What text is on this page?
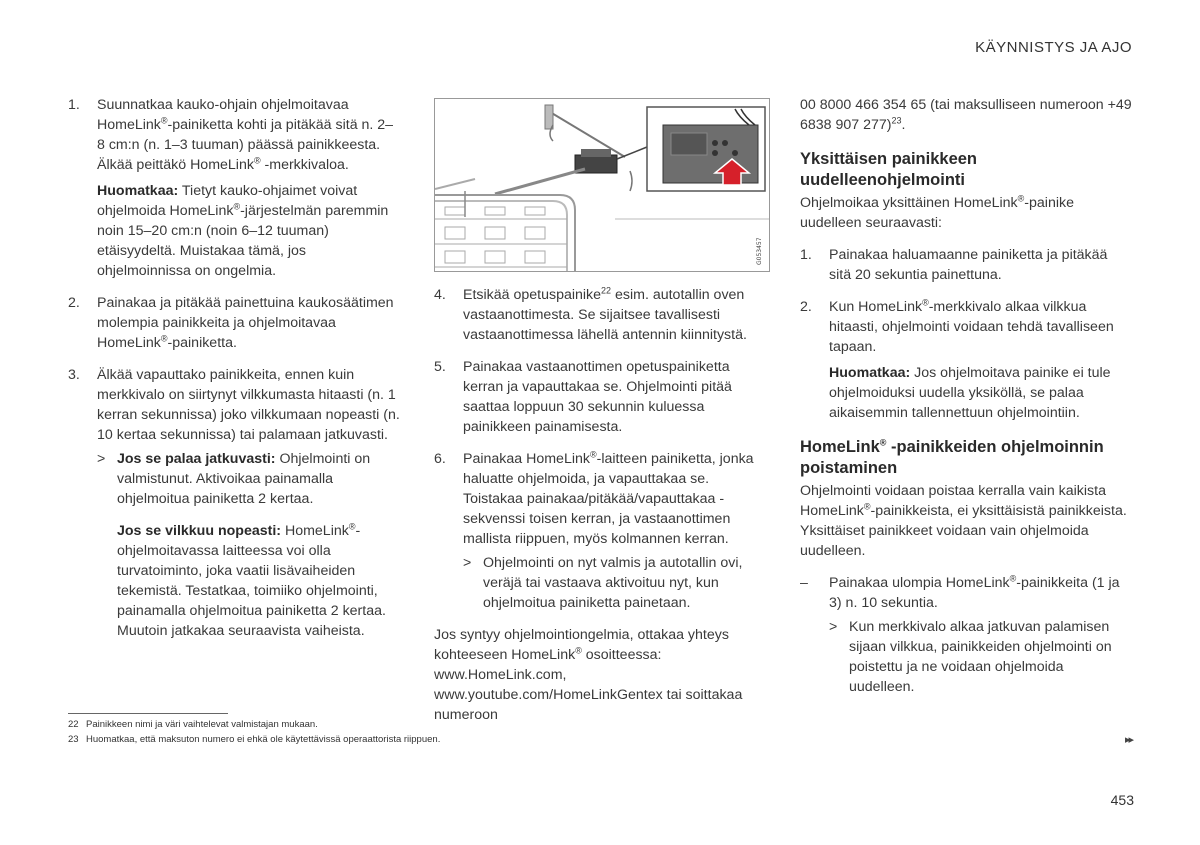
KÄYNNISTYS JA AJO
1.	Suunnatkaa kauko-ohjain ohjelmoitavaa HomeLink®-painiketta kohti ja pitäkää sitä n. 2–8 cm:n (n. 1–3 tuuman) päässä painikkeesta. Älkää peittäkö HomeLink® -merkkivaloa.
Huomatkaa: Tietyt kauko-ohjaimet voivat ohjelmoida HomeLink®-järjestelmän paremmin noin 15–20 cm:n (noin 6–12 tuuman) etäisyydeltä. Muistakaa tämä, jos ohjelmoinnissa on ongelmia.
2.	Painakaa ja pitäkää painettuina kaukosäätimen molempia painikkeita ja ohjelmoitavaa HomeLink®-painiketta.
3.	Älkää vapauttako painikkeita, ennen kuin merkkivalo on siirtynyt vilkkumasta hitaasti (n. 1 kerran sekunnissa) joko vilkkumaan nopeasti (n. 10 kertaa sekunnissa) tai palamaan jatkuvasti.
> Jos se palaa jatkuvasti: Ohjelmointi on valmistunut. Aktivoikaa painamalla ohjelmoitua painiketta 2 kertaa.
Jos se vilkkuu nopeasti: HomeLink®-ohjelmoitavassa laitteessa voi olla turvatoiminto, joka vaatii lisävaiheiden tekemistä. Testatkaa, toimiiko ohjelmointi, painamalla ohjelmoitua painiketta 2 kertaa. Muutoin jatkakaa seuraavista vaiheista.
G053457
4.	Etsikää opetuspainike$^{22}$ esim. autotallin oven vastaanottimesta. Se sijaitsee tavallisesti vastaanottimessa lähellä antennin kiinnitystä.
5.	Painakaa vastaanottimen opetuspainiketta kerran ja vapauttakaa se. Ohjelmointi pitää saattaa loppuun 30 sekunnin kuluessa painikkeen painamisesta.
6.	Painakaa HomeLink®-laitteen painiketta, jonka haluatte ohjelmoida, ja vapauttakaa se. Toistakaa painakaa/pitäkää/vapauttakaa -sekvenssi toisen kerran, ja vastaanottimen mallista riippuen, myös kolmannen kerran.
> Ohjelmointi on nyt valmis ja autotallin ovi, veräjä tai vastaava aktivoituu nyt, kun ohjelmoitua painiketta painetaan.
Jos syntyy ohjelmointiongelmia, ottakaa yhteys kohteeseen HomeLink® osoitteessa: www.HomeLink.com, www.youtube.com/HomeLinkGentex tai soittakaa numeroon
00 8000 466 354 65 (tai maksulliseen numeroon +49 6838 907 277)$^{23}$.
Yksittäisen painikkeen uudelleenohjelmointi
Ohjelmoikaa yksittäinen HomeLink®-painike uudelleen seuraavasti:
1.	Painakaa haluamaanne painiketta ja pitäkää sitä 20 sekuntia painettuna.
2.	Kun HomeLink®-merkkivalo alkaa vilkkua hitaasti, ohjelmointi voidaan tehdä tavalliseen tapaan.
Huomatkaa: Jos ohjelmoitava painike ei tule ohjelmoiduksi uudella yksiköllä, se palaa aikaisemmin tallennettuun ohjelmointiin.
HomeLink® -painikkeiden ohjelmoinnin poistaminen
Ohjelmointi voidaan poistaa kerralla vain kaikista HomeLink®-painikkeista, ei yksittäisistä painikkeista. Yksittäiset painikkeet voidaan vain ohjelmoida uudelleen.
–	Painakaa ulompia HomeLink®-painikkeita (1 ja 3) n. 10 sekuntia.
> Kun merkkivalo alkaa jatkuvan palamisen sijaan vilkkua, painikkeiden ohjelmointi on poistettu ja ne voidaan ohjelmoida uudelleen.
22 Painikkeen nimi ja väri vaihtelevat valmistajan mukaan.
23 Huomatkaa, että maksuton numero ei ehkä ole käytettävissä operaattorista riippuen.	▸▸
453
